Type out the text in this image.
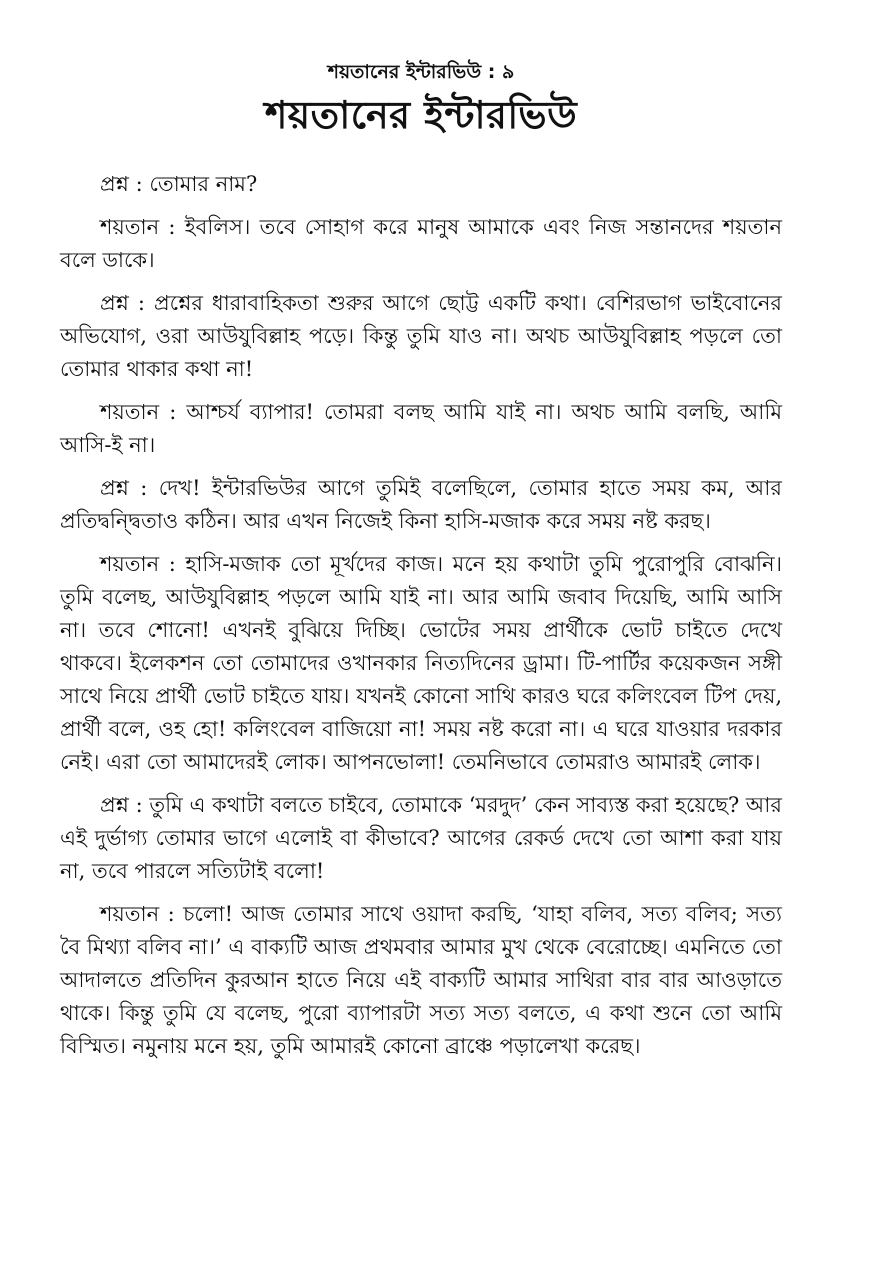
শয়তানের ইন্টারভিউ : ৯
শয়তানের ইন্টারভিউ

প্রশ্ন : তোমার নাম?

শয়তান : ইবলিস। তবে সোহাগ করে মানুষ আমাকে এবং নিজ সন্তানদের শয়তান বলে ডাকে।

প্রশ্ন : প্রশ্নের ধারাবাহিকতা শুরুর আগে ছোট্ট একটি কথা। বেশিরভাগ ভাইবোনের অভিযোগ, ওরা আউযুবিল্লাহ পড়ে। কিন্তু তুমি যাও না। অথচ আউযুবিল্লাহ পড়লে তো তোমার থাকার কথা না!

শয়তান : আশ্চর্য ব্যাপার! তোমরা বলছ আমি যাই না। অথচ আমি বলছি, আমি আসি-ই না।

প্রশ্ন : দেখ! ইন্টারভিউর আগে তুমিই বলেছিলে, তোমার হাতে সময় কম, আর প্রতিদ্বন্দ্বিতাও কঠিন। আর এখন নিজেই কিনা হাসি-মজাক করে সময় নষ্ট করছ।

শয়তান : হাসি-মজাক তো মূর্খদের কাজ। মনে হয় কথাটা তুমি পুরোপুরি বোঝনি। তুমি বলেছ, আউযুবিল্লাহ পড়লে আমি যাই না। আর আমি জবাব দিয়েছি, আমি আসি না। তবে শোনো! এখনই বুঝিয়ে দিচ্ছি। ভোটের সময় প্রার্থীকে ভোট চাইতে দেখে থাকবে। ইলেকশন তো তোমাদের ওখানকার নিত্যদিনের ড্রামা। টি-পার্টির কয়েকজন সঙ্গী সাথে নিয়ে প্রার্থী ভোট চাইতে যায়। যখনই কোনো সাথি কারও ঘরে কলিংবেল টিপ দেয়, প্রার্থী বলে, ওহ হো! কলিংবেল বাজিয়ো না! সময় নষ্ট করো না। এ ঘরে যাওয়ার দরকার নেই। এরা তো আমাদেরই লোক। আপনভোলা! তেমনিভাবে তোমরাও আমারই লোক।

প্রশ্ন : তুমি এ কথাটা বলতে চাইবে, তোমাকে ‘মরদুদ’ কেন সাব্যস্ত করা হয়েছে? আর এই দুর্ভাগ্য তোমার ভাগে এলোই বা কীভাবে? আগের রেকর্ড দেখে তো আশা করা যায় না, তবে পারলে সত্যিটাই বলো!

শয়তান : চলো! আজ তোমার সাথে ওয়াদা করছি, ‘যাহা বলিব, সত্য বলিব; সত্য বৈ মিথ্যা বলিব না।’ এ বাক্যটি আজ প্রথমবার আমার মুখ থেকে বেরোচ্ছে। এমনিতে তো আদালতে প্রতিদিন কুরআন হাতে নিয়ে এই বাক্যটি আমার সাথিরা বার বার আওড়াতে থাকে। কিন্তু তুমি যে বলেছ, পুরো ব্যাপারটা সত্য সত্য বলতে, এ কথা শুনে তো আমি বিস্মিত। নমুনায় মনে হয়, তুমি আমারই কোনো ব্রাঞ্চে পড়ালেখা করেছ।
